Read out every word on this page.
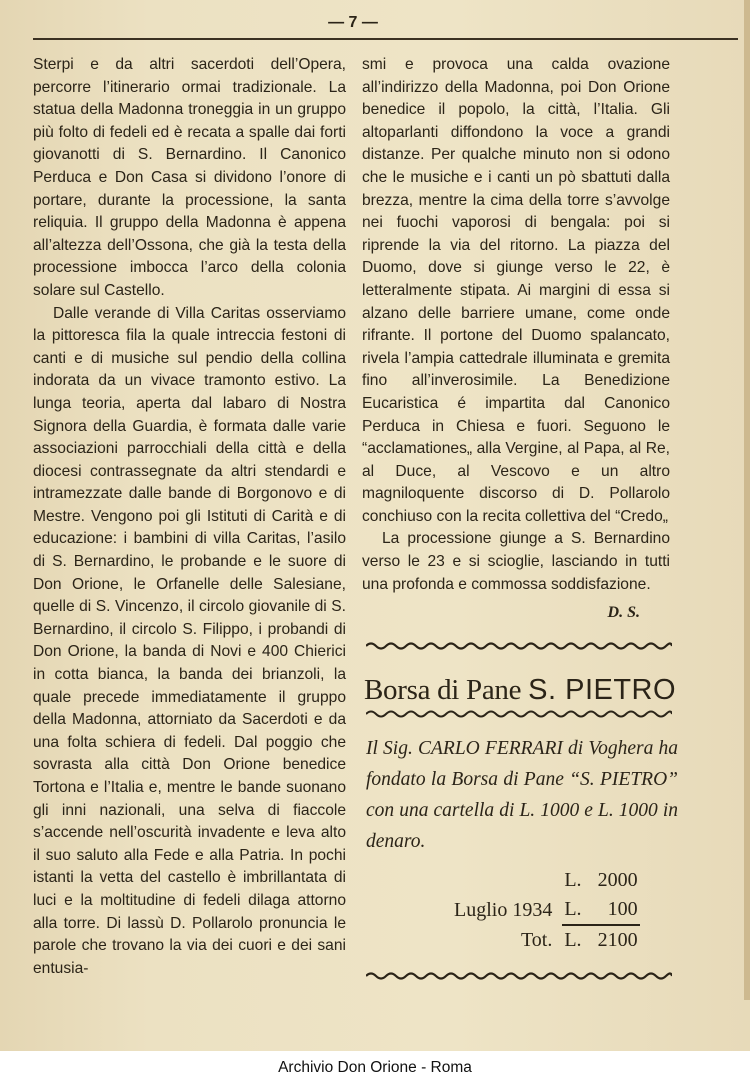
— 7 —

Sterpi e da altri sacerdoti dell’Opera, percorre l’itinerario ormai tradizionale. La statua della Madonna troneggia in un gruppo più folto di fedeli ed è recata a spalle dai forti giovanotti di S. Bernardino. Il Canonico Perduca e Don Casa si dividono l’onore di portare, durante la processione, la santa reliquia. Il gruppo della Madonna è appena all’altezza dell’Ossona, che già la testa della processione imbocca l’arco della colonia solare sul Castello.

Dalle verande di Villa Caritas osserviamo la pittoresca fila la quale intreccia festoni di canti e di musiche sul pendio della collina indorata da un vivace tramonto estivo. La lunga teoria, aperta dal labaro di Nostra Signora della Guardia, è formata dalle varie associazioni parrocchiali della città e della diocesi contrassegnate da altri stendardi e intramezzate dalle bande di Borgonovo e di Mestre. Vengono poi gli Istituti di Carità e di educazione: i bambini di villa Caritas, l’asilo di S. Bernardino, le probande e le suore di Don Orione, le Orfanelle delle Salesiane, quelle di S. Vincenzo, il circolo giovanile di S. Bernardino, il circolo S. Filippo, i probandi di Don Orione, la banda di Novi e 400 Chierici in cotta bianca, la banda dei brianzoli, la quale precede immediatamente il gruppo della Madonna, attorniato da Sacerdoti e da una folta schiera di fedeli. Dal poggio che sovrasta alla città Don Orione benedice Tortona e l’Italia e, mentre le bande suonano gli inni nazionali, una selva di fiaccole s’accende nell’oscurità invadente e leva alto il suo saluto alla Fede e alla Patria. In pochi istanti la vetta del castello è imbrillantata di luci e la moltitudine di fedeli dilaga attorno alla torre. Di lassù D. Pollarolo pronuncia le parole che trovano la via dei cuori e dei sani entusia-

smi e provoca una calda ovazione all’indirizzo della Madonna, poi Don Orione benedice il popolo, la città, l’Italia. Gli altoparlanti diffondono la voce a grandi distanze. Per qualche minuto non si odono che le musiche e i canti un pò sbattuti dalla brezza, mentre la cima della torre s’avvolge nei fuochi vaporosi di bengala: poi si riprende la via del ritorno. La piazza del Duomo, dove si giunge verso le 22, è letteralmente stipata. Ai margini di essa si alzano delle barriere umane, come onde rifrante. Il portone del Duomo spalancato, rivela l’ampia cattedrale illuminata e gremita fino all’inverosimile. La Benedizione Eucaristica é impartita dal Canonico Perduca in Chiesa e fuori. Seguono le “acclamationes„ alla Vergine, al Papa, al Re, al Duce, al Vescovo e un altro magniloquente discorso di D. Pollarolo conchiuso con la recita collettiva del “Credo„

La processione giunge a S. Bernardino verso le 23 e si scioglie, lasciando in tutti una profonda e commossa soddisfazione.

D. S.
Borsa di Pane S. PIETRO

Il Sig. CARLO FERRARI di Voghera ha fondato la Borsa di Pane “S. PIETRO” con una cartella di L. 1000 e L. 1000 in denaro.

	L.	2000
Luglio 1934	L.	100
Tot.	L.	2100
Archivio Don Orione - Roma
